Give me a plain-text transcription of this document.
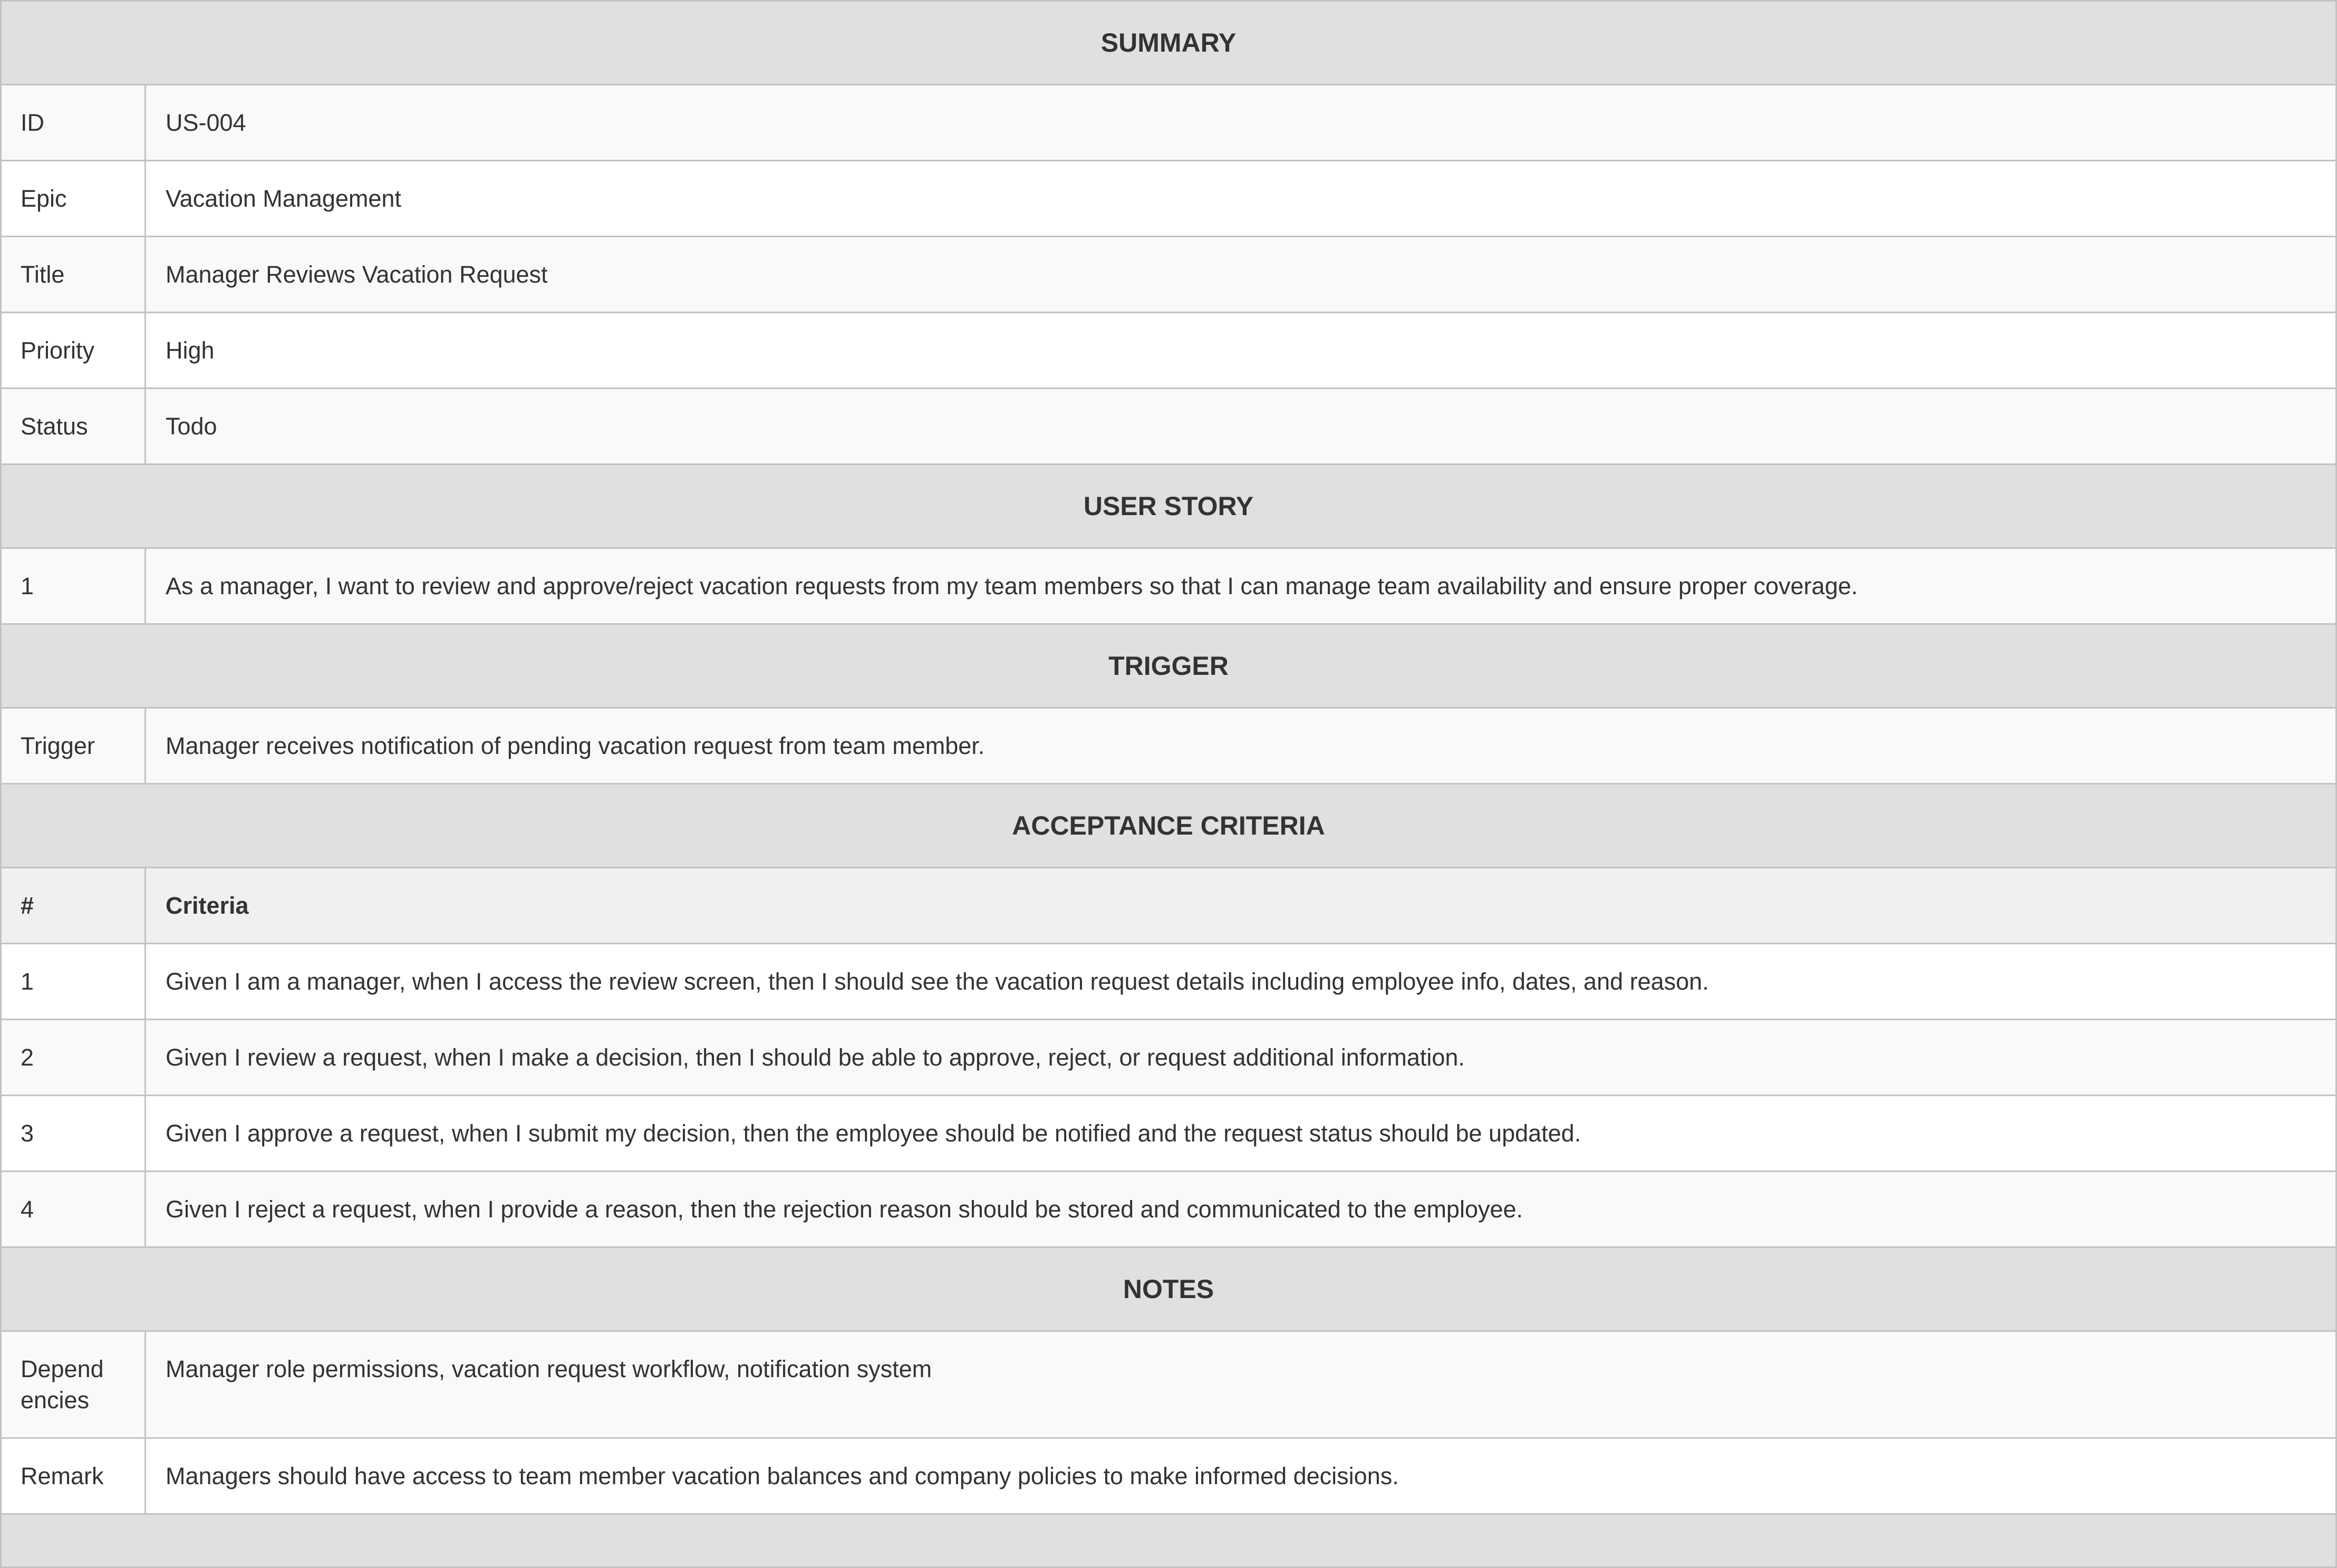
SUMMARY	
ID	US-004
Epic	Vacation Management
Title	Manager Reviews Vacation Request
Priority	High
Status	Todo
USER STORY	
1	As a manager, I want to review and approve/reject vacation requests from my team members so that I can manage team availability and ensure proper coverage.
TRIGGER	
Trigger	Manager receives notification of pending vacation request from team member.
ACCEPTANCE CRITERIA	
#	Criteria
1	Given I am a manager, when I access the review screen, then I should see the vacation request details including employee info, dates, and reason.
2	Given I review a request, when I make a decision, then I should be able to approve, reject, or request additional information.
3	Given I approve a request, when I submit my decision, then the employee should be notified and the request status should be updated.
4	Given I reject a request, when I provide a reason, then the rejection reason should be stored and communicated to the employee.
NOTES	
Dependencies	Manager role permissions, vacation request workflow, notification system
Remark	Managers should have access to team member vacation balances and company policies to make informed decisions.
